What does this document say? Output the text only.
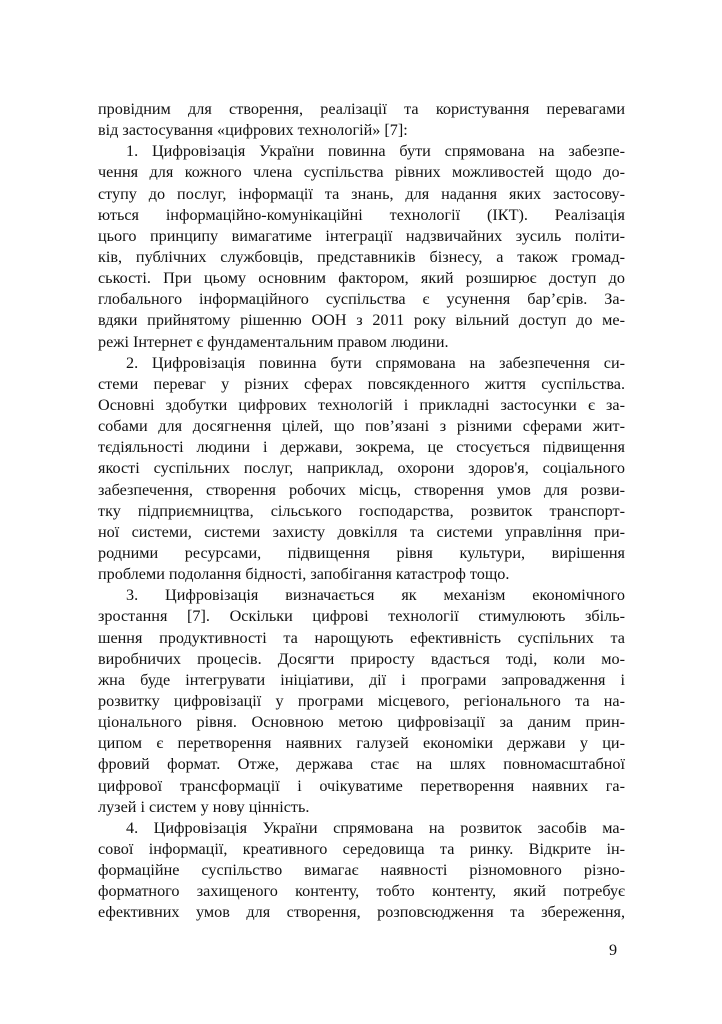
провідним для створення, реалізації та користування перевагами
від застосування «цифрових технологій» [7]:
1. Цифровізація України повинна бути спрямована на забезпе-
чення для кожного члена суспільства рівних можливостей щодо до-
ступу до послуг, інформації та знань, для надання яких застосову-
ються інформаційно-комунікаційні технології (ІКТ). Реалізація
цього принципу вимагатиме інтеграції надзвичайних зусиль політи-
ків, публічних службовців, представників бізнесу, а також громад-
ськості. При цьому основним фактором, який розширює доступ до
глобального інформаційного суспільства є усунення бар’єрів. За-
вдяки прийнятому рішенню ООН з 2011 року вільний доступ до ме-
режі Інтернет є фундаментальним правом людини.
2. Цифровізація повинна бути спрямована на забезпечення си-
стеми переваг у різних сферах повсякденного життя суспільства.
Основні здобутки цифрових технологій і прикладні застосунки є за-
собами для досягнення цілей, що пов’язані з різними сферами жит-
тєдіяльності людини і держави, зокрема, це стосується підвищення
якості суспільних послуг, наприклад, охорони здоров'я, соціального
забезпечення, створення робочих місць, створення умов для розви-
тку підприємництва, сільського господарства, розвиток транспорт-
ної системи, системи захисту довкілля та системи управління при-
родними ресурсами, підвищення рівня культури, вирішення
проблеми подолання бідності, запобігання катастроф тощо.
3. Цифровізація визначається як механізм економічного
зростання [7]. Оскільки цифрові технології стимулюють збіль-
шення продуктивності та нарощують ефективність суспільних та
виробничих процесів. Досягти приросту вдасться тоді, коли мо-
жна буде інтегрувати ініціативи, дії і програми запровадження і
розвитку цифровізації у програми місцевого, регіонального та на-
ціонального рівня. Основною метою цифровізації за даним прин-
ципом є перетворення наявних галузей економіки держави у ци-
фровий формат. Отже, держава стає на шлях повномасштабної
цифрової трансформації і очікуватиме перетворення наявних га-
лузей і систем у нову цінність.
4. Цифровізація України спрямована на розвиток засобів ма-
сової інформації, креативного середовища та ринку. Відкрите ін-
формаційне суспільство вимагає наявності різномовного різно-
форматного захищеного контенту, тобто контенту, який потребує
ефективних умов для створення, розповсюдження та збереження,
9
